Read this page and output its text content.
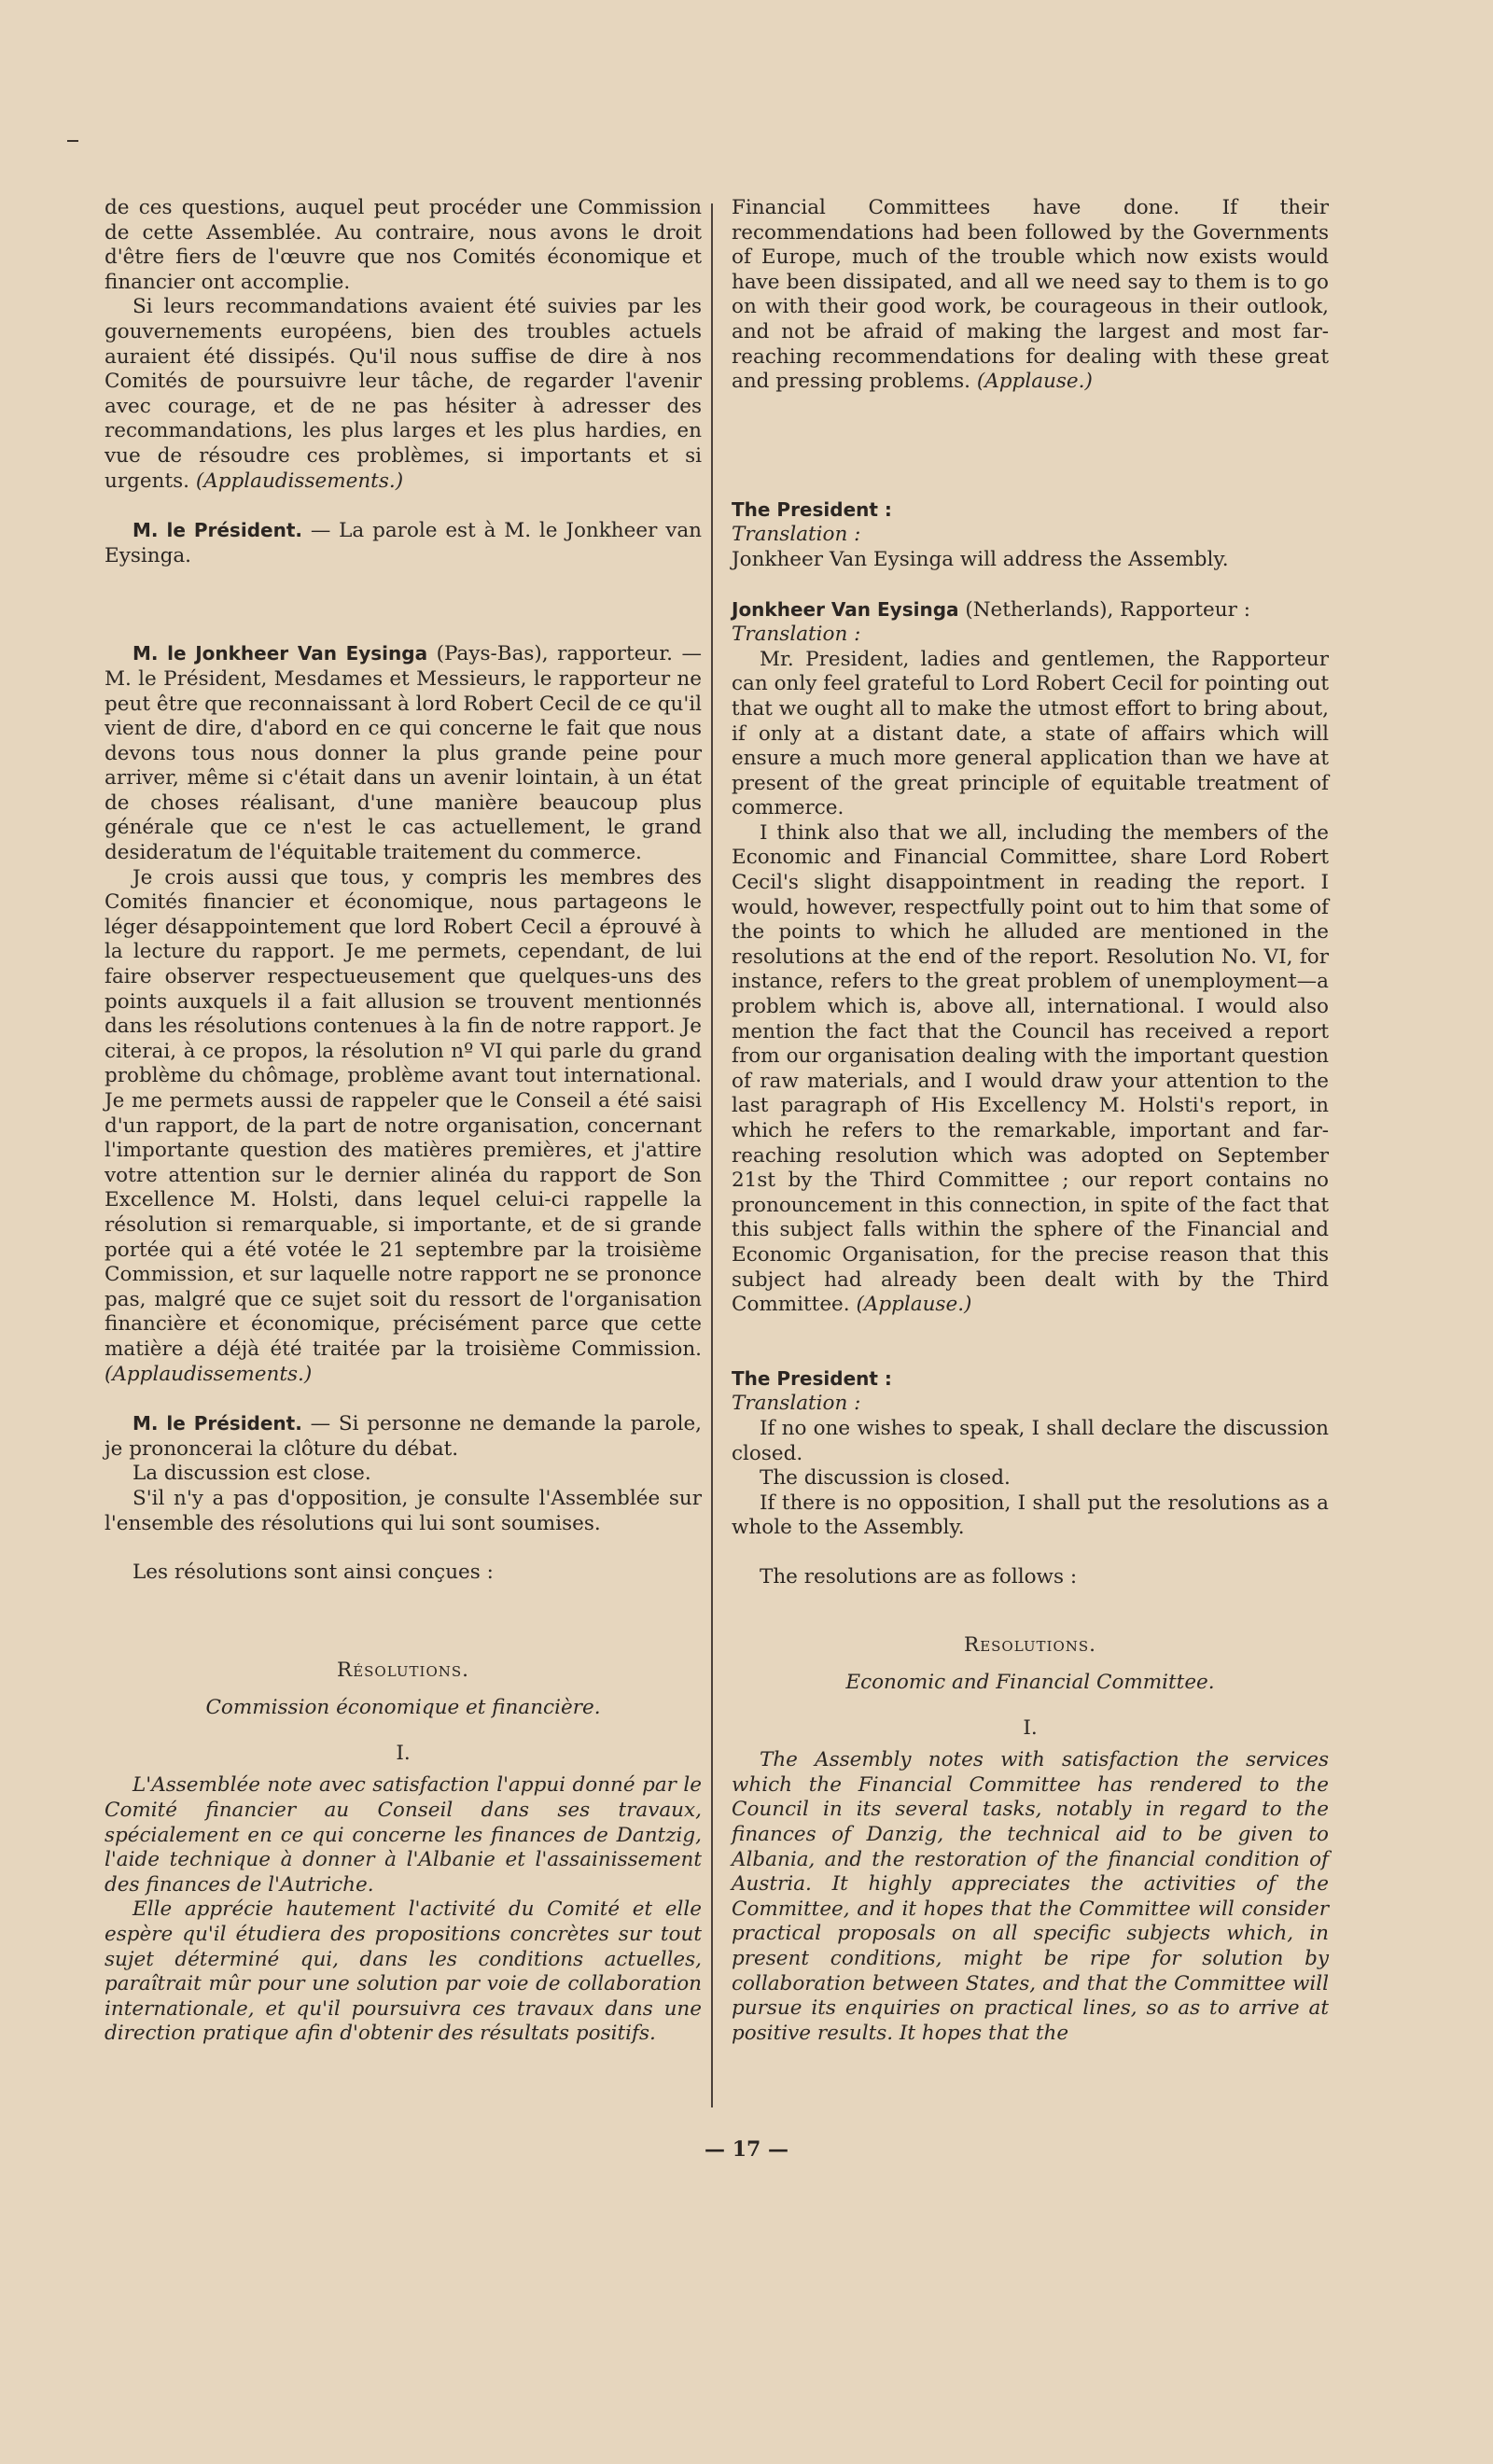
de ces questions, auquel peut procéder une Commission de cette Assemblée. Au contraire, nous avons le droit d'être fiers de l'œuvre que nos Comités économique et financier ont accomplie.

Si leurs recommandations avaient été suivies par les gouvernements européens, bien des troubles actuels auraient été dissipés. Qu'il nous suffise de dire à nos Comités de poursuivre leur tâche, de regarder l'avenir avec courage, et de ne pas hésiter à adresser des recommandations, les plus larges et les plus hardies, en vue de résoudre ces problèmes, si importants et si urgents. (Applaudissements.)

M. le Président. — La parole est à M. le Jonkheer van Eysinga.

M. le Jonkheer Van Eysinga (Pays-Bas), rapporteur. — M. le Président, Mesdames et Messieurs, le rapporteur ne peut être que reconnaissant à lord Robert Cecil de ce qu'il vient de dire, d'abord en ce qui concerne le fait que nous devons tous nous donner la plus grande peine pour arriver, même si c'était dans un avenir lointain, à un état de choses réalisant, d'une manière beaucoup plus générale que ce n'est le cas actuellement, le grand desideratum de l'équitable traitement du commerce.

Je crois aussi que tous, y compris les membres des Comités financier et économique, nous partageons le léger désappointement que lord Robert Cecil a éprouvé à la lecture du rapport. Je me permets, cependant, de lui faire observer respectueusement que quelques-uns des points auxquels il a fait allusion se trouvent mentionnés dans les résolutions contenues à la fin de notre rapport. Je citerai, à ce propos, la résolution nº VI qui parle du grand problème du chômage, problème avant tout international. Je me permets aussi de rappeler que le Conseil a été saisi d'un rapport, de la part de notre organisation, concernant l'importante question des matières premières, et j'attire votre attention sur le dernier alinéa du rapport de Son Excellence M. Holsti, dans lequel celui-ci rappelle la résolution si remarquable, si importante, et de si grande portée qui a été votée le 21 septembre par la troisième Commission, et sur laquelle notre rapport ne se prononce pas, malgré que ce sujet soit du ressort de l'organisation financière et économique, précisément parce que cette matière a déjà été traitée par la troisième Commission. (Applaudissements.)

M. le Président. — Si personne ne demande la parole, je prononcerai la clôture du débat.

La discussion est close.

S'il n'y a pas d'opposition, je consulte l'Assemblée sur l'ensemble des résolutions qui lui sont soumises.

Les résolutions sont ainsi conçues :

Résolutions.

Commission économique et financière.

I.

L'Assemblée note avec satisfaction l'appui donné par le Comité financier au Conseil dans ses travaux, spécialement en ce qui concerne les finances de Dantzig, l'aide technique à donner à l'Albanie et l'assainissement des finances de l'Autriche.

Elle apprécie hautement l'activité du Comité et elle espère qu'il étudiera des propositions concrètes sur tout sujet déterminé qui, dans les conditions actuelles, paraîtrait mûr pour une solution par voie de collaboration internationale, et qu'il poursuivra ces travaux dans une direction pratique afin d'obtenir des résultats positifs.

Financial Committees have done. If their recommendations had been followed by the Governments of Europe, much of the trouble which now exists would have been dissipated, and all we need say to them is to go on with their good work, be courageous in their outlook, and not be afraid of making the largest and most far-reaching recommendations for dealing with these great and pressing problems. (Applause.)

The President :

Translation :

Jonkheer Van Eysinga will address the Assembly.

Jonkheer Van Eysinga (Netherlands), Rapporteur :

Translation :

Mr. President, ladies and gentlemen, the Rapporteur can only feel grateful to Lord Robert Cecil for pointing out that we ought all to make the utmost effort to bring about, if only at a distant date, a state of affairs which will ensure a much more general application than we have at present of the great principle of equitable treatment of commerce.

I think also that we all, including the members of the Economic and Financial Committee, share Lord Robert Cecil's slight disappointment in reading the report. I would, however, respectfully point out to him that some of the points to which he alluded are mentioned in the resolutions at the end of the report. Resolution No. VI, for instance, refers to the great problem of unemployment—a problem which is, above all, international. I would also mention the fact that the Council has received a report from our organisation dealing with the important question of raw materials, and I would draw your attention to the last paragraph of His Excellency M. Holsti's report, in which he refers to the remarkable, important and far-reaching resolution which was adopted on September 21st by the Third Committee ; our report contains no pronouncement in this connection, in spite of the fact that this subject falls within the sphere of the Financial and Economic Organisation, for the precise reason that this subject had already been dealt with by the Third Committee. (Applause.)

The President :

Translation :

If no one wishes to speak, I shall declare the discussion closed.

The discussion is closed.

If there is no opposition, I shall put the resolutions as a whole to the Assembly.

The resolutions are as follows :

Resolutions.

Economic and Financial Committee.

I.

The Assembly notes with satisfaction the services which the Financial Committee has rendered to the Council in its several tasks, notably in regard to the finances of Danzig, the technical aid to be given to Albania, and the restoration of the financial condition of Austria. It highly appreciates the activities of the Committee, and it hopes that the Committee will consider practical proposals on all specific subjects which, in present conditions, might be ripe for solution by collaboration between States, and that the Committee will pursue its enquiries on practical lines, so as to arrive at positive results. It hopes that the

— 17 —
